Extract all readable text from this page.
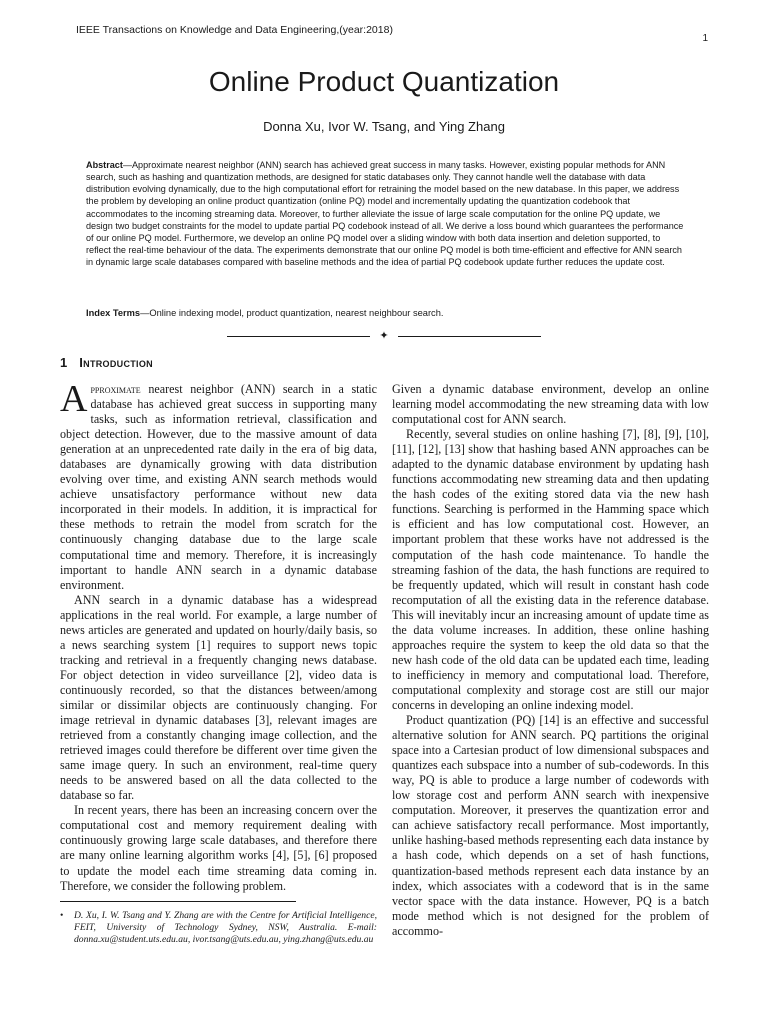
IEEE Transactions on Knowledge and Data Engineering,(year:2018)
1
Online Product Quantization
Donna Xu, Ivor W. Tsang, and Ying Zhang

Abstract—Approximate nearest neighbor (ANN) search has achieved great success in many tasks. However, existing popular methods for ANN search, such as hashing and quantization methods, are designed for static databases only. They cannot handle well the database with data distribution evolving dynamically, due to the high computational effort for retraining the model based on the new database. In this paper, we address the problem by developing an online product quantization (online PQ) model and incrementally updating the quantization codebook that accommodates to the incoming streaming data. Moreover, to further alleviate the issue of large scale computation for the online PQ update, we design two budget constraints for the model to update partial PQ codebook instead of all. We derive a loss bound which guarantees the performance of our online PQ model. Furthermore, we develop an online PQ model over a sliding window with both data insertion and deletion supported, to reflect the real-time behaviour of the data. The experiments demonstrate that our online PQ model is both time-efficient and effective for ANN search in dynamic large scale databases compared with baseline methods and the idea of partial PQ codebook update further reduces the update cost.

Index Terms—Online indexing model, product quantization, nearest neighbour search.

✦
1 Introduction

Approximate nearest neighbor (ANN) search in a static database has achieved great success in supporting many tasks, such as information retrieval, classification and object detection. However, due to the massive amount of data generation at an unprecedented rate daily in the era of big data, databases are dynamically growing with data distribution evolving over time, and existing ANN search methods would achieve unsatisfactory performance without new data incorporated in their models. In addition, it is impractical for these methods to retrain the model from scratch for the continuously changing database due to the large scale computational time and memory. Therefore, it is increasingly important to handle ANN search in a dynamic database environment.

ANN search in a dynamic database has a widespread applications in the real world. For example, a large number of news articles are generated and updated on hourly/daily basis, so a news searching system [1] requires to support news topic tracking and retrieval in a frequently changing news database. For object detection in video surveillance [2], video data is continuously recorded, so that the distances between/among similar or dissimilar objects are continuously changing. For image retrieval in dynamic databases [3], relevant images are retrieved from a constantly changing image collection, and the retrieved images could therefore be different over time given the same image query. In such an environment, real-time query needs to be answered based on all the data collected to the database so far.

In recent years, there has been an increasing concern over the computational cost and memory requirement dealing with continuously growing large scale databases, and therefore there are many online learning algorithm works [4], [5], [6] proposed to update the model each time streaming data coming in. Therefore, we consider the following problem.

• D. Xu, I. W. Tsang and Y. Zhang are with the Centre for Artificial Intelligence, FEIT, University of Technology Sydney, NSW, Australia. E-mail: donna.xu@student.uts.edu.au, ivor.tsang@uts.edu.au, ying.zhang@uts.edu.au

Given a dynamic database environment, develop an online learning model accommodating the new streaming data with low computational cost for ANN search.

Recently, several studies on online hashing [7], [8], [9], [10], [11], [12], [13] show that hashing based ANN approaches can be adapted to the dynamic database environment by updating hash functions accommodating new streaming data and then updating the hash codes of the exiting stored data via the new hash functions. Searching is performed in the Hamming space which is efficient and has low computational cost. However, an important problem that these works have not addressed is the computation of the hash code maintenance. To handle the streaming fashion of the data, the hash functions are required to be frequently updated, which will result in constant hash code recomputation of all the existing data in the reference database. This will inevitably incur an increasing amount of update time as the data volume increases. In addition, these online hashing approaches require the system to keep the old data so that the new hash code of the old data can be updated each time, leading to inefficiency in memory and computational load. Therefore, computational complexity and storage cost are still our major concerns in developing an online indexing model.

Product quantization (PQ) [14] is an effective and successful alternative solution for ANN search. PQ partitions the original space into a Cartesian product of low dimensional subspaces and quantizes each subspace into a number of sub-codewords. In this way, PQ is able to produce a large number of codewords with low storage cost and perform ANN search with inexpensive computation. Moreover, it preserves the quantization error and can achieve satisfactory recall performance. Most importantly, unlike hashing-based methods representing each data instance by a hash code, which depends on a set of hash functions, quantization-based methods represent each data instance by an index, which associates with a codeword that is in the same vector space with the data instance. However, PQ is a batch mode method which is not designed for the problem of accommo-
